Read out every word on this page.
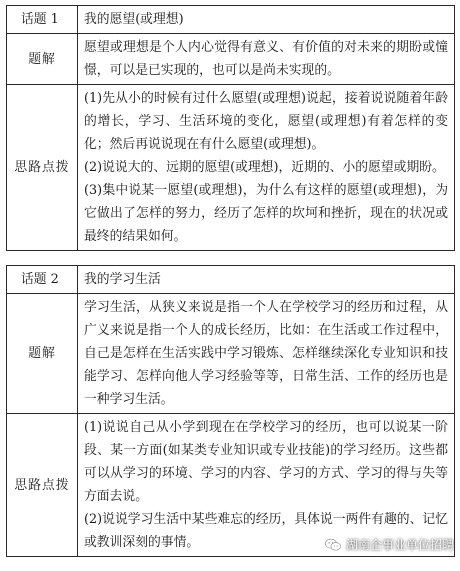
话题 1	我的愿望(或理想)
题解	愿望或理想是个人内心觉得有意义、有价值的对未来的期盼或憧憬，可以是已实现的，也可以是尚未实现的。

思路点拨	(1)先从小的时候有过什么愿望(或理想)说起，接着说说随着年龄的增长，学习、生活环境的变化，愿望(或理想)有着怎样的变化；然后再说说现在有什么愿望(或理想)。

(2)说说大的、远期的愿望(或理想)，近期的、小的愿望或期盼。

(3)集中说某一愿望(或理想)，为什么有这样的愿望(或理想)，为它做出了怎样的努力，经历了怎样的坎坷和挫折，现在的状况或最终的结果如何。

话题 2	我的学习生活
题解	学习生活，从狭义来说是指一个人在学校学习的经历和过程，从广义来说是指一个人的成长经历，比如：在生活或工作过程中，自己是怎样在生活实践中学习锻炼、怎样继续深化专业知识和技能学习、怎样向他人学习经验等等，日常生活、工作的经历也是一种学习生活。

思路点拨	(1)说说自己从小学到现在在学校学习的经历，也可以说某一阶段、某一方面(如某类专业知识或专业技能)的学习经历。这些都可以从学习的环境、学习的内容、学习的方式、学习的得与失等方面去说。

(2)说说学习生活中某些难忘的经历，具体说一两件有趣的、记忆或教训深刻的事情。	湖南企事业单位招聘
